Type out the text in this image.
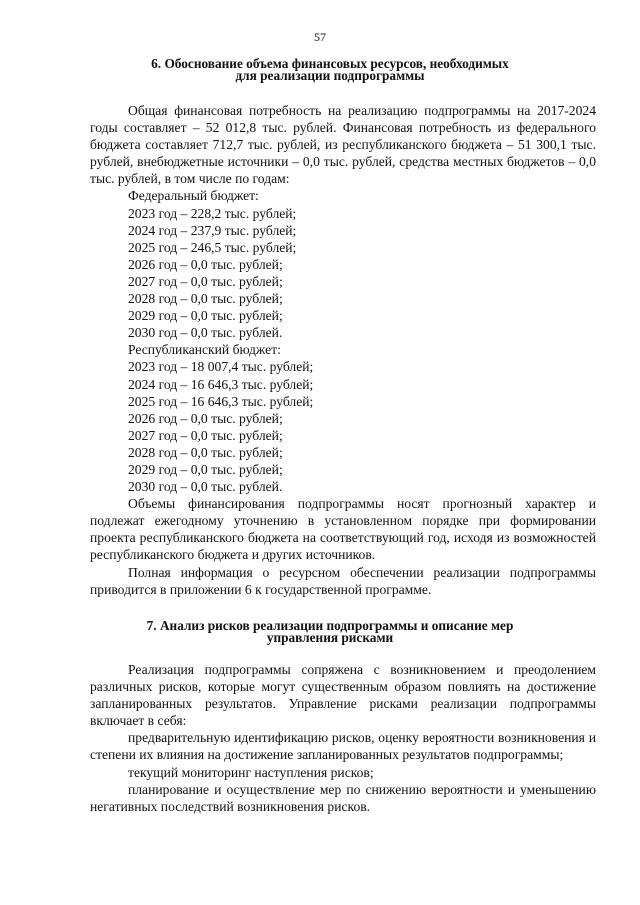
57
6. Обоснование объема финансовых ресурсов, необходимых
для реализации подпрограммы

Общая финансовая потребность на реализацию подпрограммы на 2017-2024 годы составляет – 52 012,8 тыс. рублей. Финансовая потребность из федерального бюджета составляет 712,7 тыс. рублей, из республиканского бюджета – 51 300,1 тыс. рублей, внебюджетные источники – 0,0 тыс. рублей, средства местных бюджетов – 0,0 тыс. рублей, в том числе по годам:

Федеральный бюджет:

2023 год – 228,2 тыс. рублей;

2024 год – 237,9 тыс. рублей;

2025 год – 246,5 тыс. рублей;

2026 год – 0,0 тыс. рублей;

2027 год – 0,0 тыс. рублей;

2028 год – 0,0 тыс. рублей;

2029 год – 0,0 тыс. рублей;

2030 год – 0,0 тыс. рублей.

Республиканский бюджет:

2023 год – 18 007,4 тыс. рублей;

2024 год – 16 646,3 тыс. рублей;

2025 год – 16 646,3 тыс. рублей;

2026 год – 0,0 тыс. рублей;

2027 год – 0,0 тыс. рублей;

2028 год – 0,0 тыс. рублей;

2029 год – 0,0 тыс. рублей;

2030 год – 0,0 тыс. рублей.

Объемы финансирования подпрограммы носят прогнозный характер и подлежат ежегодному уточнению в установленном порядке при формировании проекта республиканского бюджета на соответствующий год, исходя из возможностей республиканского бюджета и других источников.

Полная информация о ресурсном обеспечении реализации подпрограммы приводится в приложении 6 к государственной программе.

7. Анализ рисков реализации подпрограммы и описание мер
управления рисками

Реализация подпрограммы сопряжена с возникновением и преодолением различных рисков, которые могут существенным образом повлиять на достижение запланированных результатов. Управление рисками реализации подпрограммы включает в себя:

предварительную идентификацию рисков, оценку вероятности возникновения и степени их влияния на достижение запланированных результатов подпрограммы;

текущий мониторинг наступления рисков;

планирование и осуществление мер по снижению вероятности и уменьшению негативных последствий возникновения рисков.
